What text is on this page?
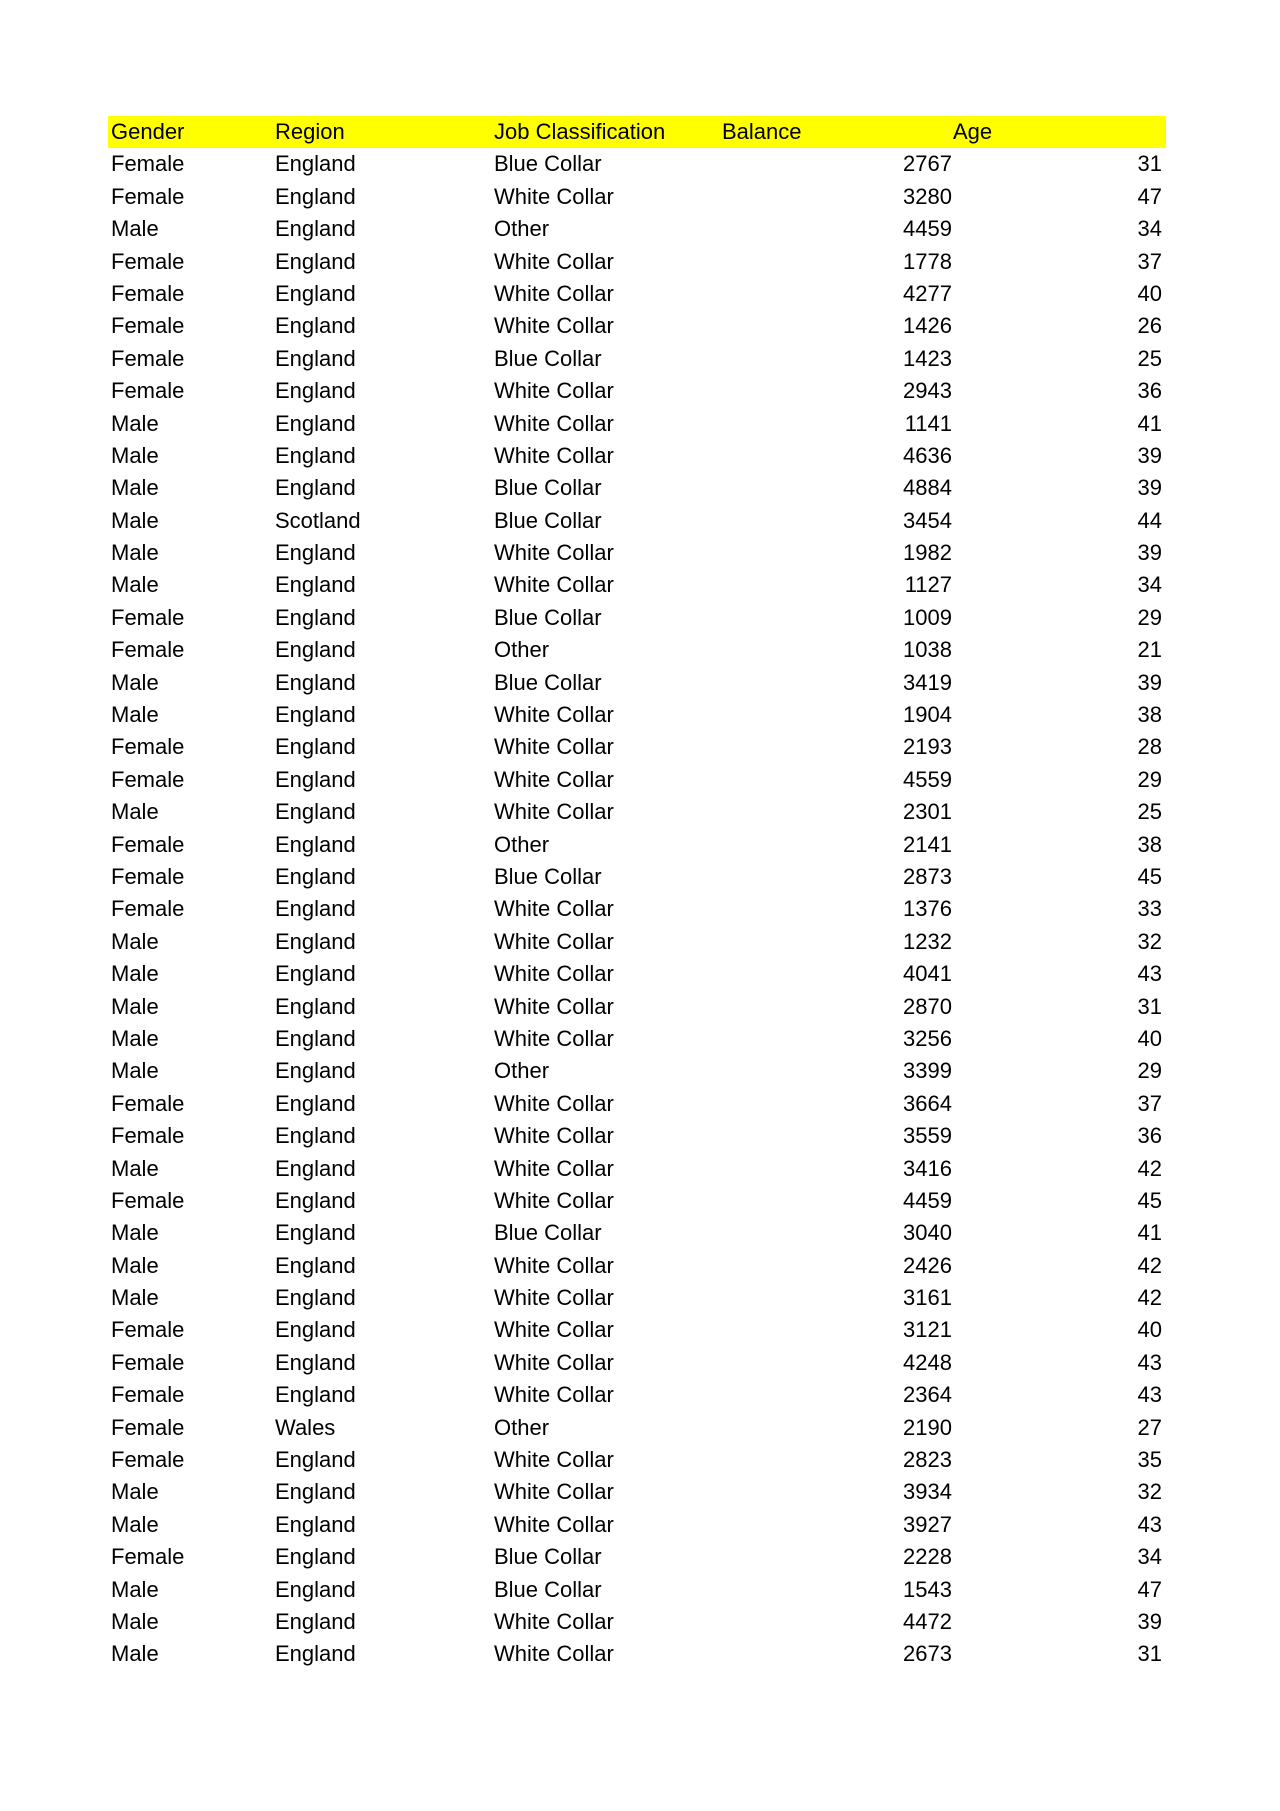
Gender	Region	Job Classification	Balance	Age
Female	England	Blue Collar	2767	31
Female	England	White Collar	3280	47
Male	England	Other	4459	34
Female	England	White Collar	1778	37
Female	England	White Collar	4277	40
Female	England	White Collar	1426	26
Female	England	Blue Collar	1423	25
Female	England	White Collar	2943	36
Male	England	White Collar	1141	41
Male	England	White Collar	4636	39
Male	England	Blue Collar	4884	39
Male	Scotland	Blue Collar	3454	44
Male	England	White Collar	1982	39
Male	England	White Collar	1127	34
Female	England	Blue Collar	1009	29
Female	England	Other	1038	21
Male	England	Blue Collar	3419	39
Male	England	White Collar	1904	38
Female	England	White Collar	2193	28
Female	England	White Collar	4559	29
Male	England	White Collar	2301	25
Female	England	Other	2141	38
Female	England	Blue Collar	2873	45
Female	England	White Collar	1376	33
Male	England	White Collar	1232	32
Male	England	White Collar	4041	43
Male	England	White Collar	2870	31
Male	England	White Collar	3256	40
Male	England	Other	3399	29
Female	England	White Collar	3664	37
Female	England	White Collar	3559	36
Male	England	White Collar	3416	42
Female	England	White Collar	4459	45
Male	England	Blue Collar	3040	41
Male	England	White Collar	2426	42
Male	England	White Collar	3161	42
Female	England	White Collar	3121	40
Female	England	White Collar	4248	43
Female	England	White Collar	2364	43
Female	Wales	Other	2190	27
Female	England	White Collar	2823	35
Male	England	White Collar	3934	32
Male	England	White Collar	3927	43
Female	England	Blue Collar	2228	34
Male	England	Blue Collar	1543	47
Male	England	White Collar	4472	39
Male	England	White Collar	2673	31
